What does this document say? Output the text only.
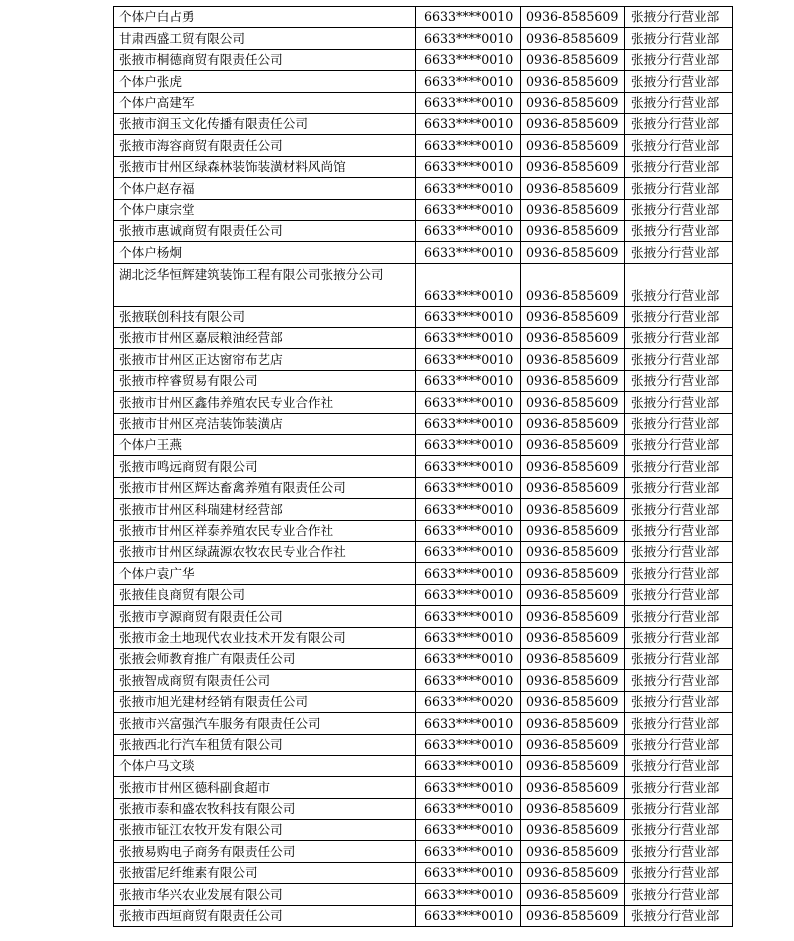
个体户白占勇	6633****0010	0936-8585609	张掖分行营业部
甘肃西盛工贸有限公司	6633****0010	0936-8585609	张掖分行营业部
张掖市桐德商贸有限责任公司	6633****0010	0936-8585609	张掖分行营业部
个体户张虎	6633****0010	0936-8585609	张掖分行营业部
个体户高建军	6633****0010	0936-8585609	张掖分行营业部
张掖市润玉文化传播有限责任公司	6633****0010	0936-8585609	张掖分行营业部
张掖市海容商贸有限责任公司	6633****0010	0936-8585609	张掖分行营业部
张掖市甘州区绿森林装饰装潢材料风尚馆	6633****0010	0936-8585609	张掖分行营业部
个体户赵存福	6633****0010	0936-8585609	张掖分行营业部
个体户康宗堂	6633****0010	0936-8585609	张掖分行营业部
张掖市惠诚商贸有限责任公司	6633****0010	0936-8585609	张掖分行营业部
个体户杨炯	6633****0010	0936-8585609	张掖分行营业部
湖北泛华恒辉建筑装饰工程有限公司张掖分公司	6633****0010	0936-8585609	张掖分行营业部
张掖联创科技有限公司	6633****0010	0936-8585609	张掖分行营业部
张掖市甘州区嘉辰粮油经营部	6633****0010	0936-8585609	张掖分行营业部
张掖市甘州区正达窗帘布艺店	6633****0010	0936-8585609	张掖分行营业部
张掖市梓睿贸易有限公司	6633****0010	0936-8585609	张掖分行营业部
张掖市甘州区鑫伟养殖农民专业合作社	6633****0010	0936-8585609	张掖分行营业部
张掖市甘州区亮洁装饰装潢店	6633****0010	0936-8585609	张掖分行营业部
个体户王燕	6633****0010	0936-8585609	张掖分行营业部
张掖市鸣远商贸有限公司	6633****0010	0936-8585609	张掖分行营业部
张掖市甘州区辉达畜禽养殖有限责任公司	6633****0010	0936-8585609	张掖分行营业部
张掖市甘州区科瑞建材经营部	6633****0010	0936-8585609	张掖分行营业部
张掖市甘州区祥泰养殖农民专业合作社	6633****0010	0936-8585609	张掖分行营业部
张掖市甘州区绿蔬源农牧农民专业合作社	6633****0010	0936-8585609	张掖分行营业部
个体户袁广华	6633****0010	0936-8585609	张掖分行营业部
张掖佳良商贸有限公司	6633****0010	0936-8585609	张掖分行营业部
张掖市亨源商贸有限责任公司	6633****0010	0936-8585609	张掖分行营业部
张掖市金土地现代农业技术开发有限公司	6633****0010	0936-8585609	张掖分行营业部
张掖会师教育推广有限责任公司	6633****0010	0936-8585609	张掖分行营业部
张掖智成商贸有限责任公司	6633****0010	0936-8585609	张掖分行营业部
张掖市旭光建材经销有限责任公司	6633****0020	0936-8585609	张掖分行营业部
张掖市兴富强汽车服务有限责任公司	6633****0010	0936-8585609	张掖分行营业部
张掖西北行汽车租赁有限公司	6633****0010	0936-8585609	张掖分行营业部
个体户马文琰	6633****0010	0936-8585609	张掖分行营业部
张掖市甘州区德科副食超市	6633****0010	0936-8585609	张掖分行营业部
张掖市泰和盛农牧科技有限公司	6633****0010	0936-8585609	张掖分行营业部
张掖市钲江农牧开发有限公司	6633****0010	0936-8585609	张掖分行营业部
张掖易购电子商务有限责任公司	6633****0010	0936-8585609	张掖分行营业部
张掖雷尼纤维素有限公司	6633****0010	0936-8585609	张掖分行营业部
张掖市华兴农业发展有限公司	6633****0010	0936-8585609	张掖分行营业部
张掖市西垣商贸有限责任公司	6633****0010	0936-8585609	张掖分行营业部
